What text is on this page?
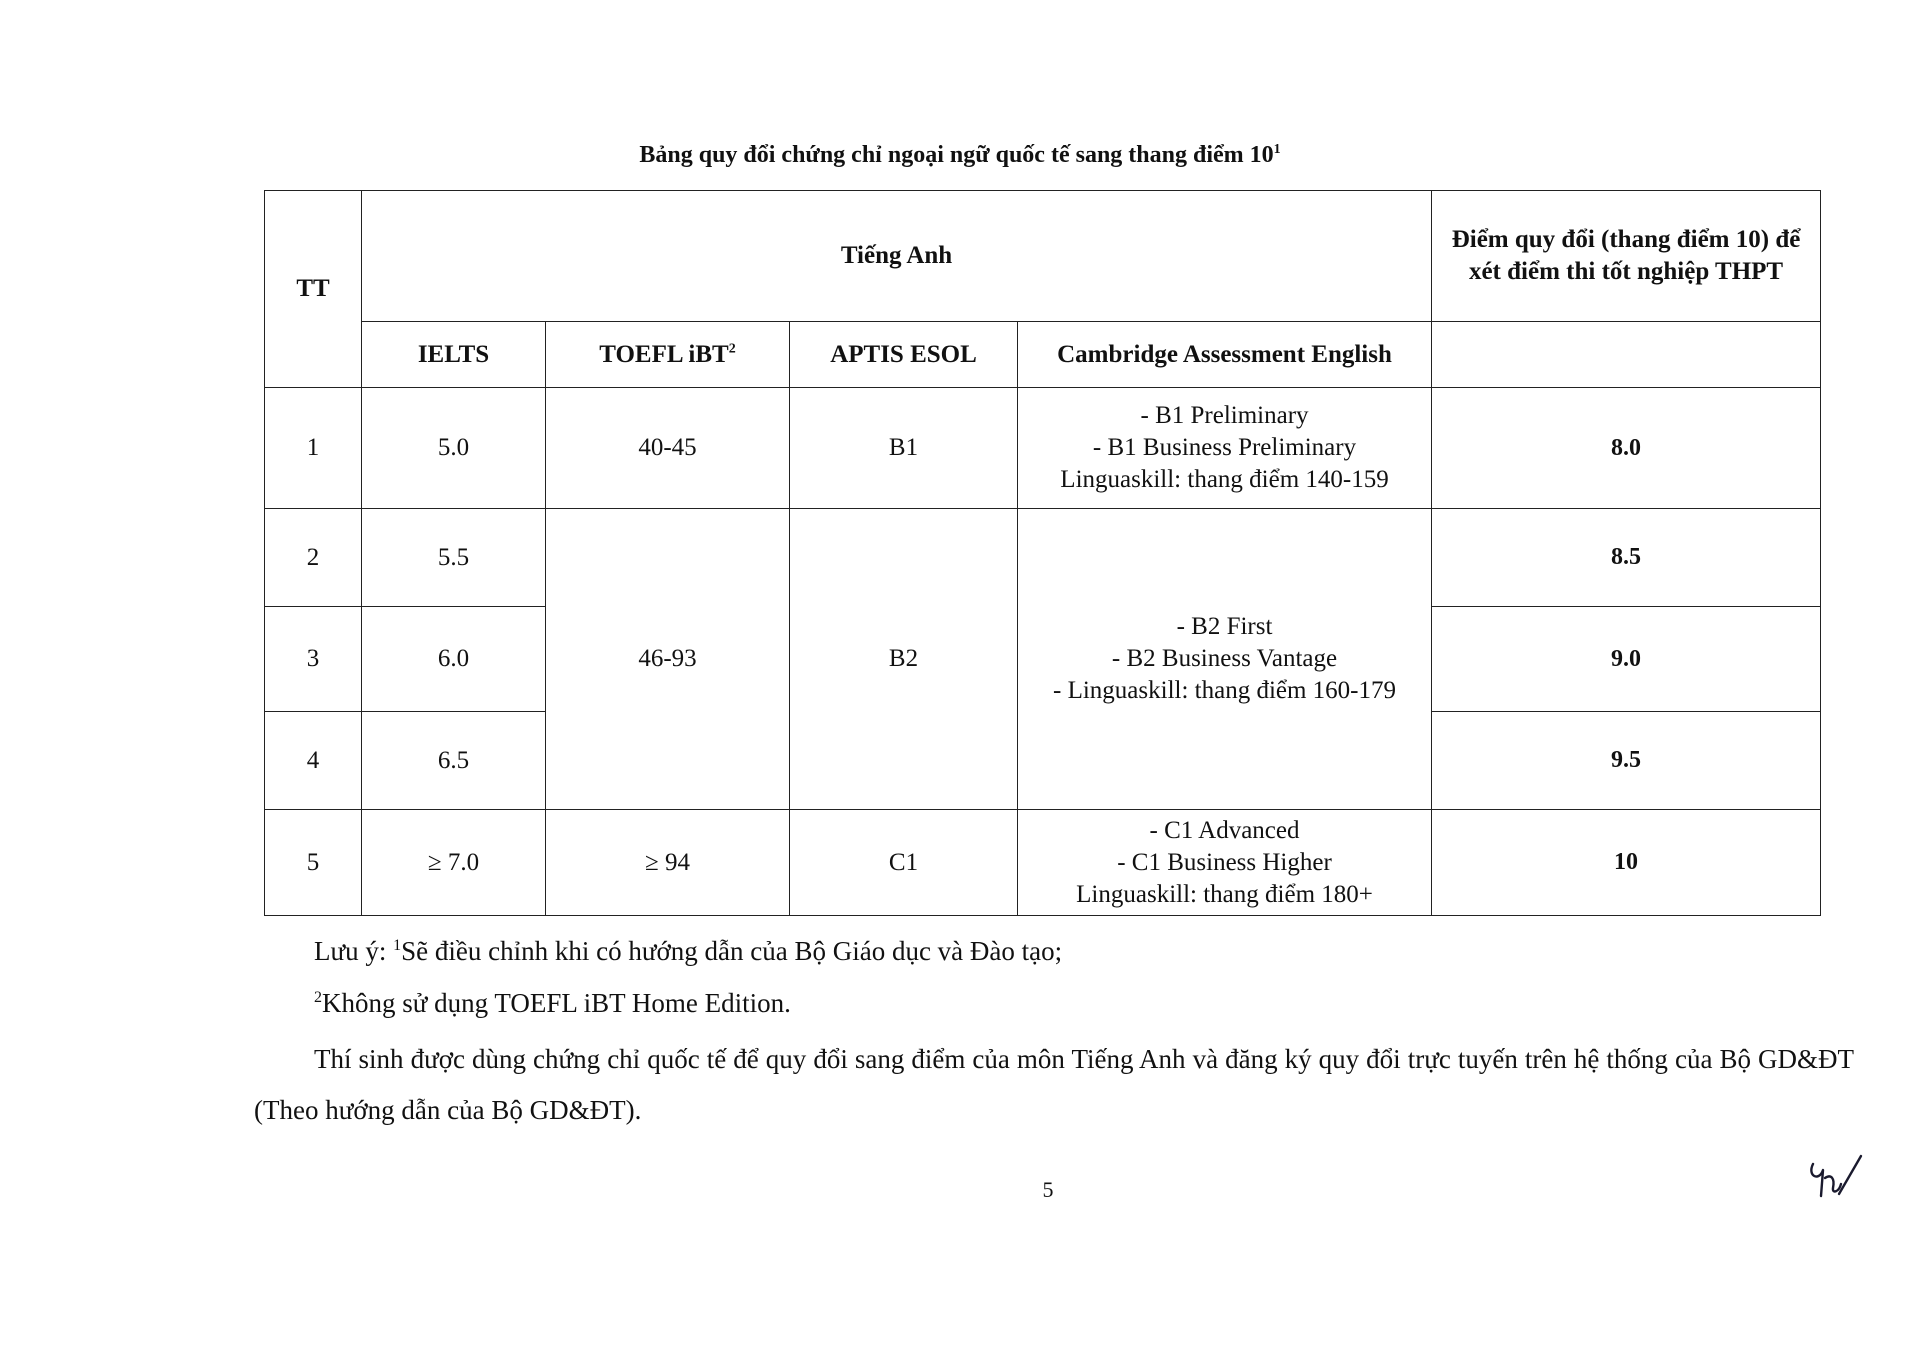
Bảng quy đổi chứng chỉ ngoại ngữ quốc tế sang thang điểm $10^1$
TT	Tiếng Anh				Điểm quy đổi (thang điểm 10) để xét điểm thi tốt nghiệp THPT
	IELTS	TOEFL iBT$^2$	APTIS ESOL	Cambridge Assessment English	
1	5.0	40-45	B1	- B1 Preliminary
- B1 Business Preliminary
Linguaskill: thang điểm 140-159	8.0
2	5.5	46-93	B2	- B2 First
- B2 Business Vantage
- Linguaskill: thang điểm 160-179	8.5
3	6.0				9.0
4	6.5				9.5
5	≥ 7.0	≥ 94	C1	- C1 Advanced
- C1 Business Higher
Linguaskill: thang điểm 180+	10
Lưu ý: $^1$Sẽ điều chỉnh khi có hướng dẫn của Bộ Giáo dục và Đào tạo;
$^2$Không sử dụng TOEFL iBT Home Edition.
Thí sinh được dùng chứng chỉ quốc tế để quy đổi sang điểm của môn Tiếng Anh và đăng ký quy đổi trực tuyến trên hệ thống của Bộ GD&ĐT (Theo hướng dẫn của Bộ GD&ĐT).
5
